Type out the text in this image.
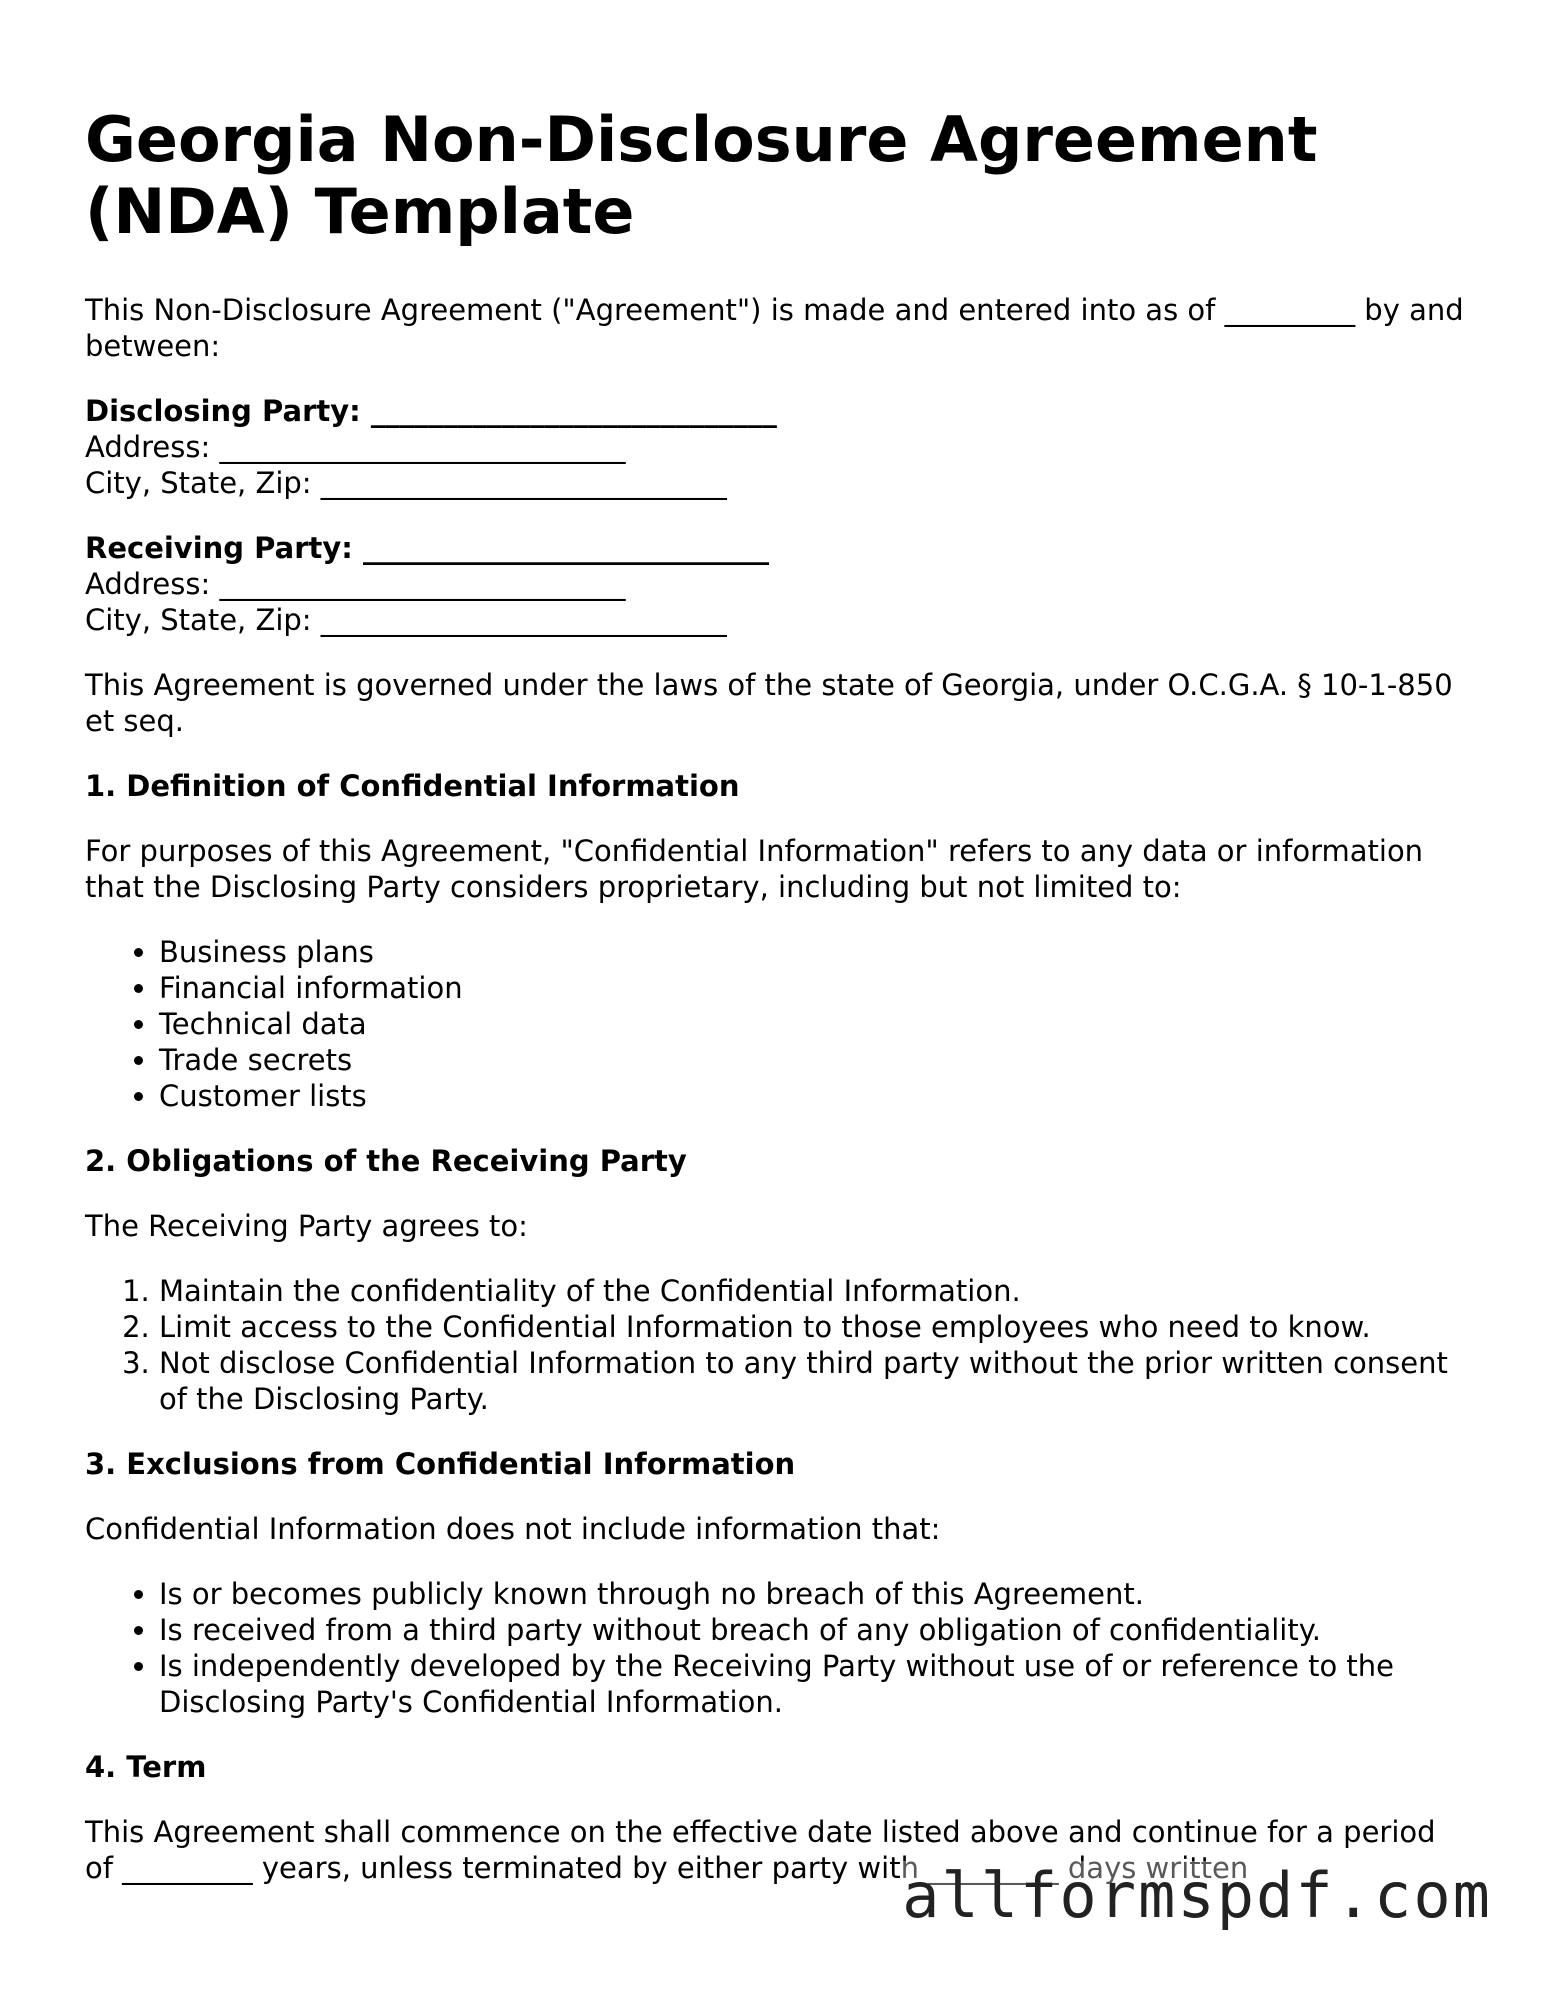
Georgia Non-Disclosure Agreement (NDA) Template

This Non-Disclosure Agreement ("Agreement") is made and entered into as of _________ by and between:

Disclosing Party: ____________________________
Address: ____________________________
City, State, Zip: ____________________________
Receiving Party: ____________________________
Address: ____________________________
City, State, Zip: ____________________________

This Agreement is governed under the laws of the state of Georgia, under O.C.G.A. § 10-1-850 et seq.

1. Definition of Confidential Information

For purposes of this Agreement, "Confidential Information" refers to any data or information that the Disclosing Party considers proprietary, including but not limited to:

• Business plans
• Financial information
• Technical data
• Trade secrets
• Customer lists
2. Obligations of the Receiving Party

The Receiving Party agrees to:

1. Maintain the confidentiality of the Confidential Information.
2. Limit access to the Confidential Information to those employees who need to know.
3. Not disclose Confidential Information to any third party without the prior written consent of the Disclosing Party.
3. Exclusions from Confidential Information

Confidential Information does not include information that:

• Is or becomes publicly known through no breach of this Agreement.
• Is received from a third party without breach of any obligation of confidentiality.
• Is independently developed by the Receiving Party without use of or reference to the Disclosing Party's Confidential Information.
4. Term

This Agreement shall commence on the effective date listed above and continue for a period of _________ years, unless terminated by either party with _________ days written

allformspdf.com
